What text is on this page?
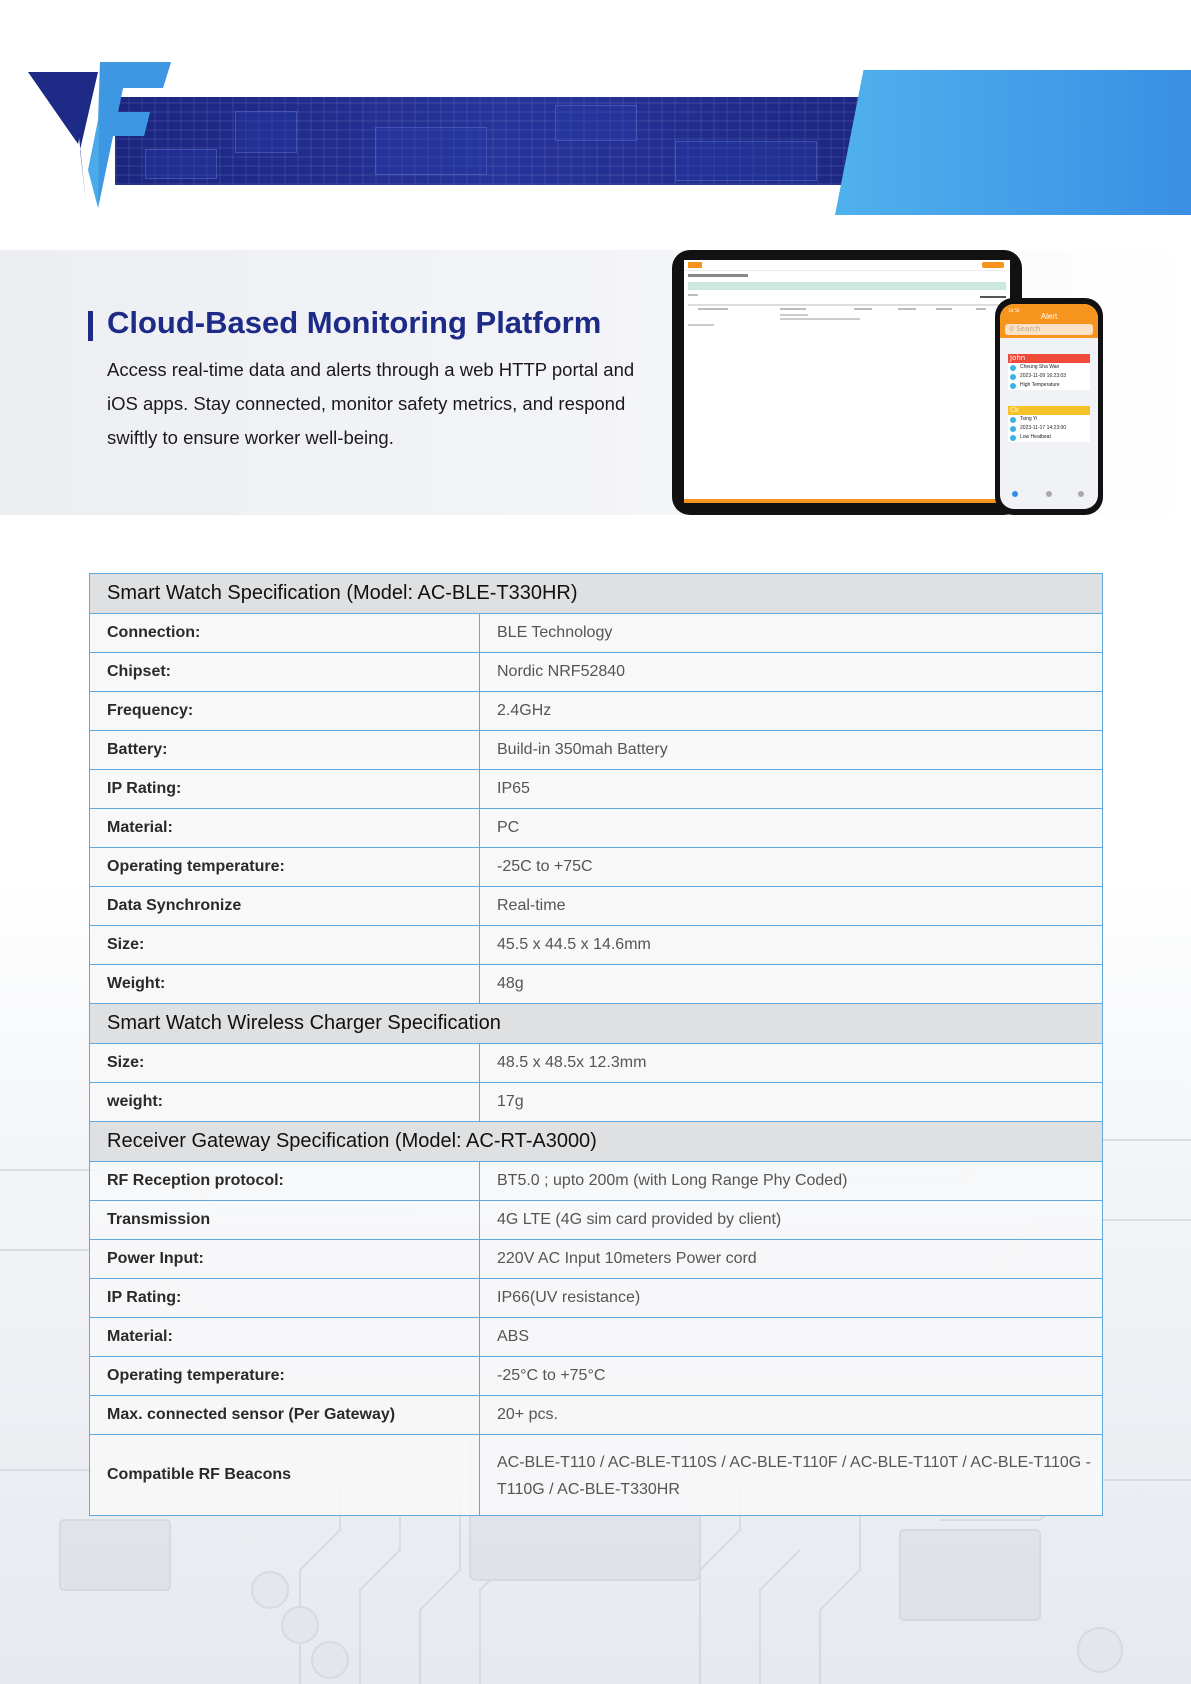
Cloud-Based Monitoring Platform

Access real-time data and alerts through a web HTTP portal and iOS apps. Stay connected, monitor safety metrics, and respond swiftly to ensure worker well-being.

18:58
Alert
⚲ Search
John
Cheung Sha Wan
2023-11-09 16:23:03
High Temperature
Ck
Tsing Yi
2023-11-17 14:23:00
Low Heatbeat
Smart Watch Specification (Model: AC-BLE-T330HR)	
Connection:	BLE Technology
Chipset:	Nordic NRF52840
Frequency:	2.4GHz
Battery:	Build-in 350mah Battery
IP Rating:	IP65
Material:	PC
Operating temperature:	-25C to +75C
Data Synchronize	Real-time
Size:	45.5 x 44.5 x 14.6mm
Weight:	48g
Smart Watch Wireless Charger Specification	
Size:	48.5 x 48.5x 12.3mm
weight:	17g
Receiver Gateway Specification (Model: AC-RT-A3000)	
RF Reception protocol:	BT5.0 ; upto 200m (with Long Range Phy Coded)
Transmission	4G LTE (4G sim card provided by client)
Power Input:	220V AC Input 10meters Power cord
IP Rating:	IP66(UV resistance)
Material:	ABS
Operating temperature:	-25°C to +75°C
Max. connected sensor (Per Gateway)	20+ pcs.
Compatible RF Beacons	AC-BLE-T110 / AC-BLE-T110S / AC-BLE-T110F / AC-BLE-T110T / AC-BLE-T110G -T110G / AC-BLE-T330HR
